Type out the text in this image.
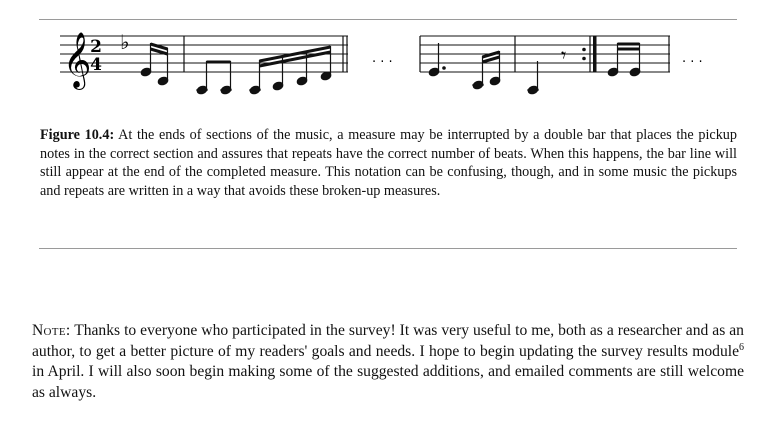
𝄞
2
4
♭
· · ·	𝄾	· · ·
Figure 10.4: At the ends of sections of the music, a measure may be interrupted by a double bar that places the pickup notes in the correct section and assures that repeats have the correct number of beats. When this happens, the bar line will still appear at the end of the completed measure. This notation can be confusing, though, and in some music the pickups and repeats are written in a way that avoids these broken-up measures.
Note: Thanks to everyone who participated in the survey! It was very useful to me, both as a researcher and as an author, to get a better picture of my readers' goals and needs. I hope to begin updating the survey results module$^6$ in April. I will also soon begin making some of the suggested additions, and emailed comments are still welcome as always.
